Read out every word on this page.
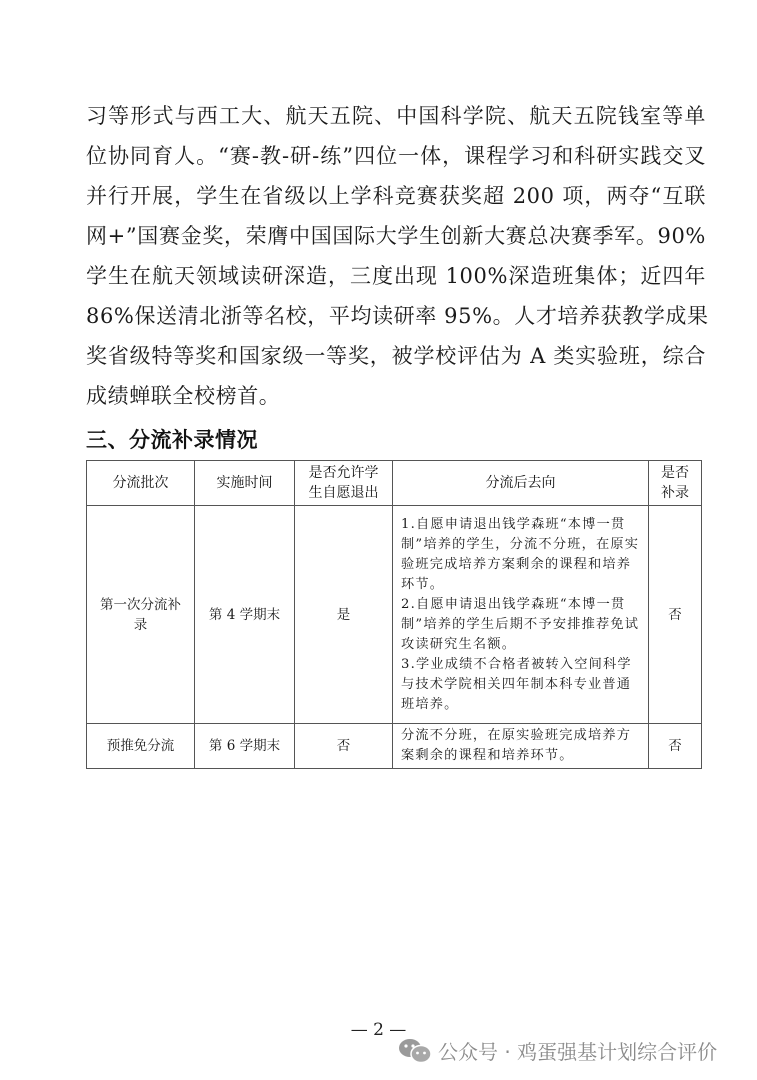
习等形式与西工大、航天五院、中国科学院、航天五院钱室等单
位协同育人。“赛-教-研-练”四位一体，课程学习和科研实践交叉
并行开展，学生在省级以上学科竞赛获奖超 200 项，两夺“互联
网+”国赛金奖，荣膺中国国际大学生创新大赛总决赛季军。90%
学生在航天领域读研深造，三度出现 100%深造班集体；近四年
86%保送清北浙等名校，平均读研率 95%。人才培养获教学成果
奖省级特等奖和国家级一等奖，被学校评估为 A 类实验班，综合
成绩蝉联全校榜首。
三、分流补录情况
分流批次	实施时间	是否允许学生自愿退出	分流后去向	是否补录
第一次分流补录	第 4 学期末	是	1.自愿申请退出钱学森班“本博一贯制”培养的学生，分流不分班，在原实验班完成培养方案剩余的课程和培养环节。
2.自愿申请退出钱学森班“本博一贯制”培养的学生后期不予安排推荐免试攻读研究生名额。
3.学业成绩不合格者被转入空间科学与技术学院相关四年制本科专业普通班培养。	否
预推免分流	第 6 学期末	否	分流不分班，在原实验班完成培养方案剩余的课程和培养环节。	否
— 2 —
公众号 · 鸡蛋强基计划综合评价
